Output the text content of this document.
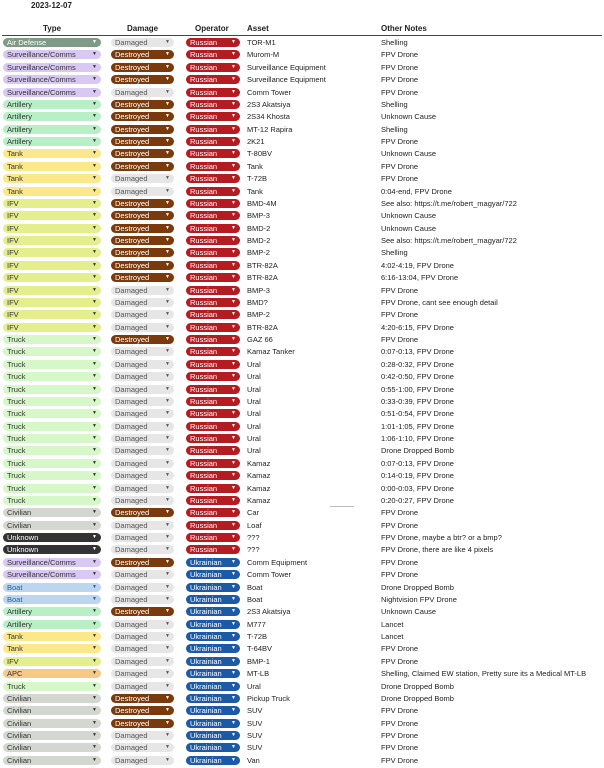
2023-12-07
Type	Damage	Operator Asset	Other Notes
Air Defense	▼	Damaged	▼	Russian	▼ TOR-M1	Shelling
Surveillance/Comms	▼	Destroyed	▼	Russian	▼ Murom-M	FPV Drone
Surveillance/Comms	▼	Destroyed	▼	Russian	▼ Surveillance Equipment	FPV Drone
Surveillance/Comms	▼	Destroyed	▼	Russian	▼ Surveillance Equipment	FPV Drone
Surveillance/Comms	▼	Damaged	▼	Russian	▼ Comm Tower	FPV Drone
Artillery	▼	Destroyed	▼	Russian	▼ 2S3 Akatsiya	Shelling
Artillery	▼	Destroyed	▼	Russian	▼ 2S34 Khosta	Unknown Cause
Artillery	▼	Destroyed	▼	Russian	▼ MT-12 Rapira	Shelling
Artillery	▼	Destroyed	▼	Russian	▼ 2K21	FPV Drone
Tank	▼	Destroyed	▼	Russian	▼ T-80BV	Unknown Cause
Tank	▼	Destroyed	▼	Russian	▼ Tank	FPV Drone
Tank	▼	Damaged	▼	Russian	▼ T-72B	FPV Drone
Tank	▼	Damaged	▼	Russian	▼ Tank	0:04-end, FPV Drone
IFV	▼	Destroyed	▼	Russian	▼ BMD-4M	See also: https://t.me/robert_magyar/722
IFV	▼	Destroyed	▼	Russian	▼ BMP-3	Unknown Cause
IFV	▼	Destroyed	▼	Russian	▼ BMD-2	Unknown Cause
IFV	▼	Destroyed	▼	Russian	▼ BMD-2	See also: https://t.me/robert_magyar/722
IFV	▼	Destroyed	▼	Russian	▼ BMP-2	Shelling
IFV	▼	Destroyed	▼	Russian	▼ BTR-82A	4:02-4:19, FPV Drone
IFV	▼	Destroyed	▼	Russian	▼ BTR-82A	6:16-13:04, FPV Drone
IFV	▼	Damaged	▼	Russian	▼ BMP-3	FPV Drone
IFV	▼	Damaged	▼	Russian	▼ BMD?	FPV Drone, cant see enough detail
IFV	▼	Damaged	▼	Russian	▼ BMP-2	FPV Drone
IFV	▼	Damaged	▼	Russian	▼ BTR-82A	4:20-6:15, FPV Drone
Truck	▼	Destroyed	▼	Russian	▼ GAZ 66	FPV Drone
Truck	▼	Damaged	▼	Russian	▼ Kamaz Tanker	0:07-0:13, FPV Drone
Truck	▼	Damaged	▼	Russian	▼ Ural	0:28-0:32, FPV Drone
Truck	▼	Damaged	▼	Russian	▼ Ural	0:42-0:50, FPV Drone
Truck	▼	Damaged	▼	Russian	▼ Ural	0:55-1:00, FPV Drone
Truck	▼	Damaged	▼	Russian	▼ Ural	0:33-0:39, FPV Drone
Truck	▼	Damaged	▼	Russian	▼ Ural	0:51-0:54, FPV Drone
Truck	▼	Damaged	▼	Russian	▼ Ural	1:01-1:05, FPV Drone
Truck	▼	Damaged	▼	Russian	▼ Ural	1:06-1:10, FPV Drone
Truck	▼	Damaged	▼	Russian	▼ Ural	Drone Dropped Bomb
Truck	▼	Damaged	▼	Russian	▼ Kamaz	0:07-0:13, FPV Drone
Truck	▼	Damaged	▼	Russian	▼ Kamaz	0:14-0:19, FPV Drone
Truck	▼	Damaged	▼	Russian	▼ Kamaz	0:00-0:03, FPV Drone
Truck	▼	Damaged	▼	Russian	▼ Kamaz	0:20-0:27, FPV Drone
Civilian	▼	Destroyed	▼	Russian	▼ Car	FPV Drone
Civilian	▼	Damaged	▼	Russian	▼ Loaf	FPV Drone
Unknown	▼	Damaged	▼	Russian	▼ ???	FPV Drone, maybe a btr? or a bmp?
Unknown	▼	Damaged	▼	Russian	▼ ???	FPV Drone, there are like 4 pixels
Surveillance/Comms	▼	Destroyed	▼	Ukrainian ▼ Comm Equipment	FPV Drone
Surveillance/Comms	▼	Damaged	▼	Ukrainian ▼ Comm Tower	FPV Drone
Boat	▼	Damaged	▼	Ukrainian ▼ Boat	Drone Dropped Bomb
Boat	▼	Damaged	▼	Ukrainian ▼ Boat	Nightvision FPV Drone
Artillery	▼	Destroyed	▼	Ukrainian ▼ 2S3 Akatsiya	Unknown Cause
Artillery	▼	Damaged	▼	Ukrainian ▼ M777	Lancet
Tank	▼	Damaged	▼	Ukrainian ▼ T-72B	Lancet
Tank	▼	Damaged	▼	Ukrainian ▼ T-64BV	FPV Drone
IFV	▼	Damaged	▼	Ukrainian ▼ BMP-1	FPV Drone
APC	▼	Damaged	▼	Ukrainian ▼ MT-LB	Shelling, Claimed EW station, Pretty sure its a Medical MT-LB
Truck	▼	Damaged	▼	Ukrainian ▼ Ural	Drone Dropped Bomb
Civilian	▼	Destroyed	▼	Ukrainian ▼ Pickup Truck	Drone Dropped Bomb
Civilian	▼	Destroyed	▼	Ukrainian ▼ SUV	FPV Drone
Civilian	▼	Destroyed	▼	Ukrainian ▼ SUV	FPV Drone
Civilian	▼	Damaged	▼	Ukrainian ▼ SUV	FPV Drone
Civilian	▼	Damaged	▼	Ukrainian ▼ SUV	FPV Drone
Civilian	▼	Damaged	▼	Ukrainian ▼ Van	FPV Drone
